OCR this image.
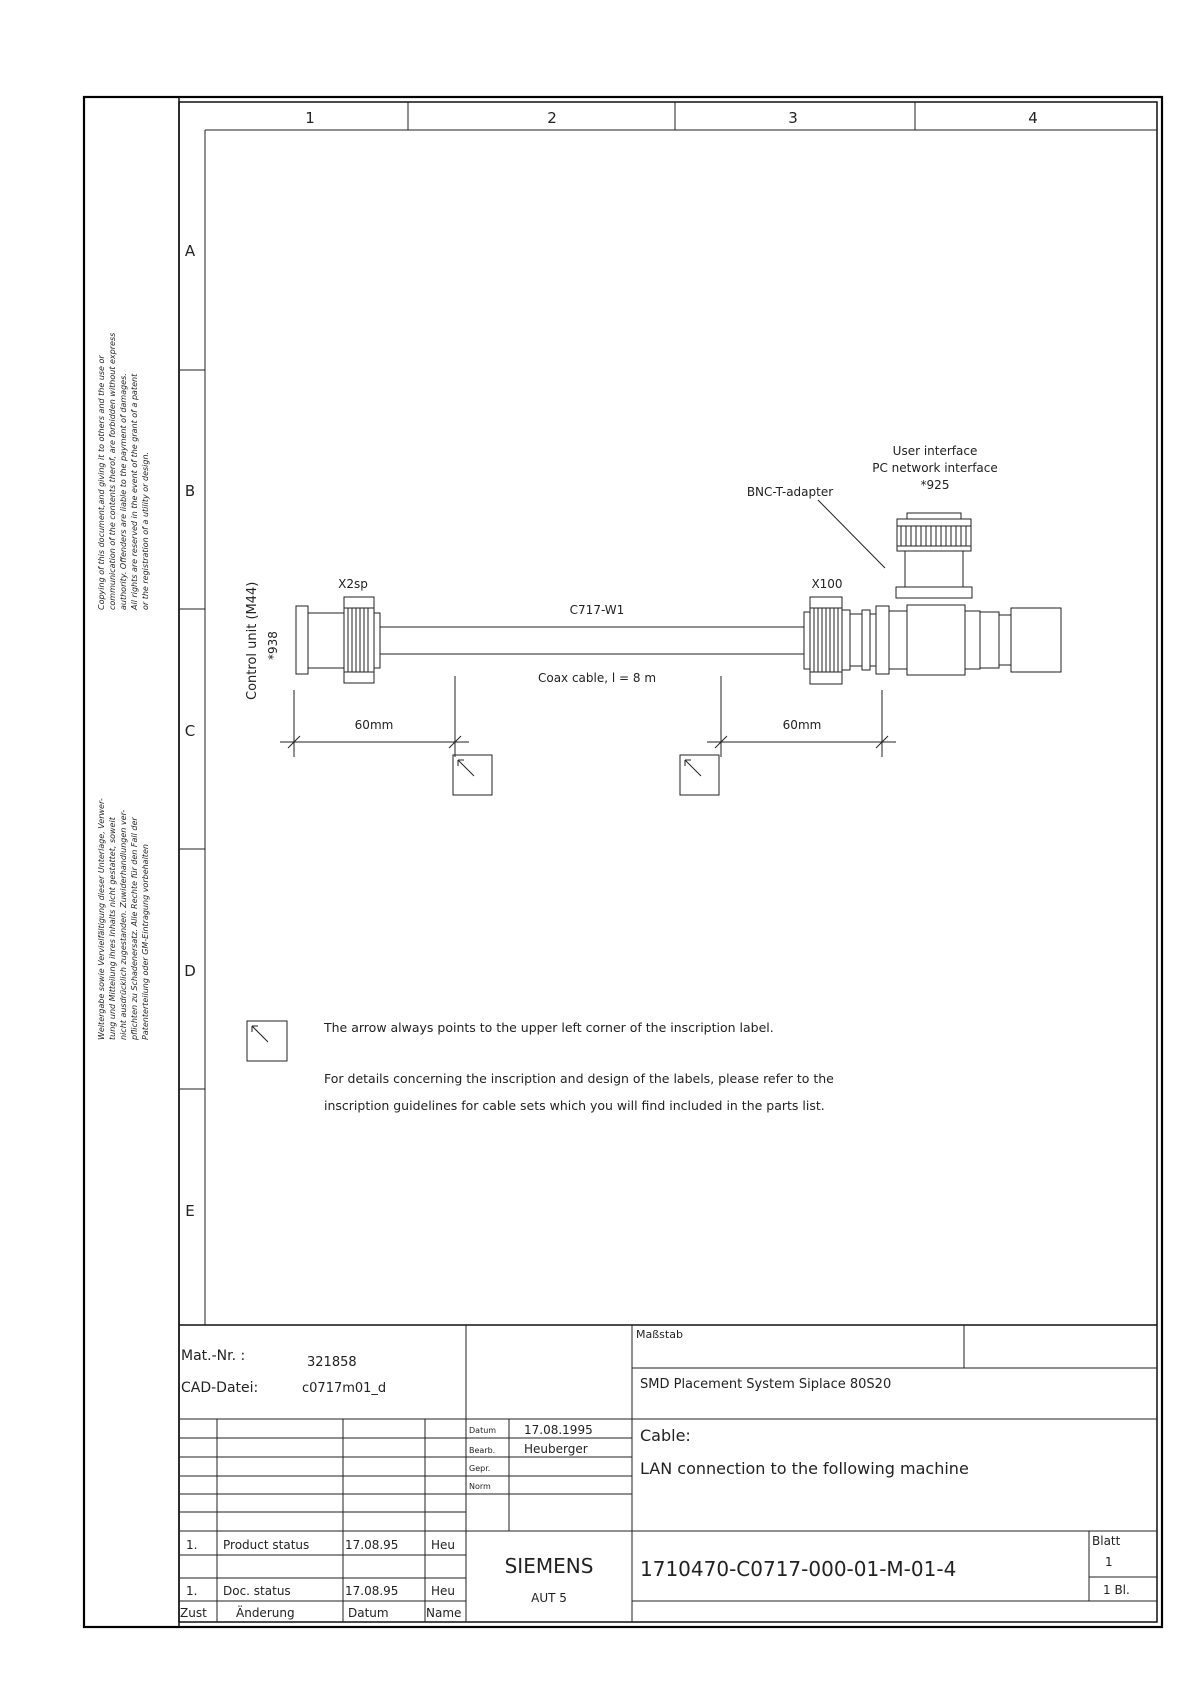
1	2	3	4
A
B
C
D
E
Copying of this document,and giving it to others and the use or communication of the contents therof, are forbidden without express authority. Offenders are liable to the payment of damages. All rights are reserved in the event of the grant of a patent or the registration of a utility or design.
Weitergabe sowie Vervielfältigung dieser Unterlage, Verwer- tung und Mitteilung ihres Inhalts nicht gestattet, soweit nicht ausdrücklich zugestanden. Zuwiderhandlungen ver- pflichten zu Schadenersatz. Alle Rechte für den Fall der Patenterteilung oder GM-Eintragung vorbehalten
Control unit (M44) *938
X2sp
C717-W1
Coax cable, l = 8 m
X100
BNC-T-adapter
User interface
PC network interface
*925
60mm	60mm
The arrow always points to the upper left corner of the inscription label.
For details concerning the inscription and design of the labels, please refer to the
inscription guidelines for cable sets which you will find included in the parts list.
Mat.-Nr. :	321858
CAD-Datei:	c0717m01_d
Maßstab
SMD Placement System Siplace 80S20
Datum 17.08.1995
Bearb. Heuberger
Gepr.
Norm
Cable:
LAN connection to the following machine
1. Product status	17.08.95	Heu
1. Doc. status	17.08.95	Heu
Zust Änderung	Datum	Name
SIEMENS
AUT 5
1710470-C0717-000-01-M-01-4
Blatt
1
1 Bl.
